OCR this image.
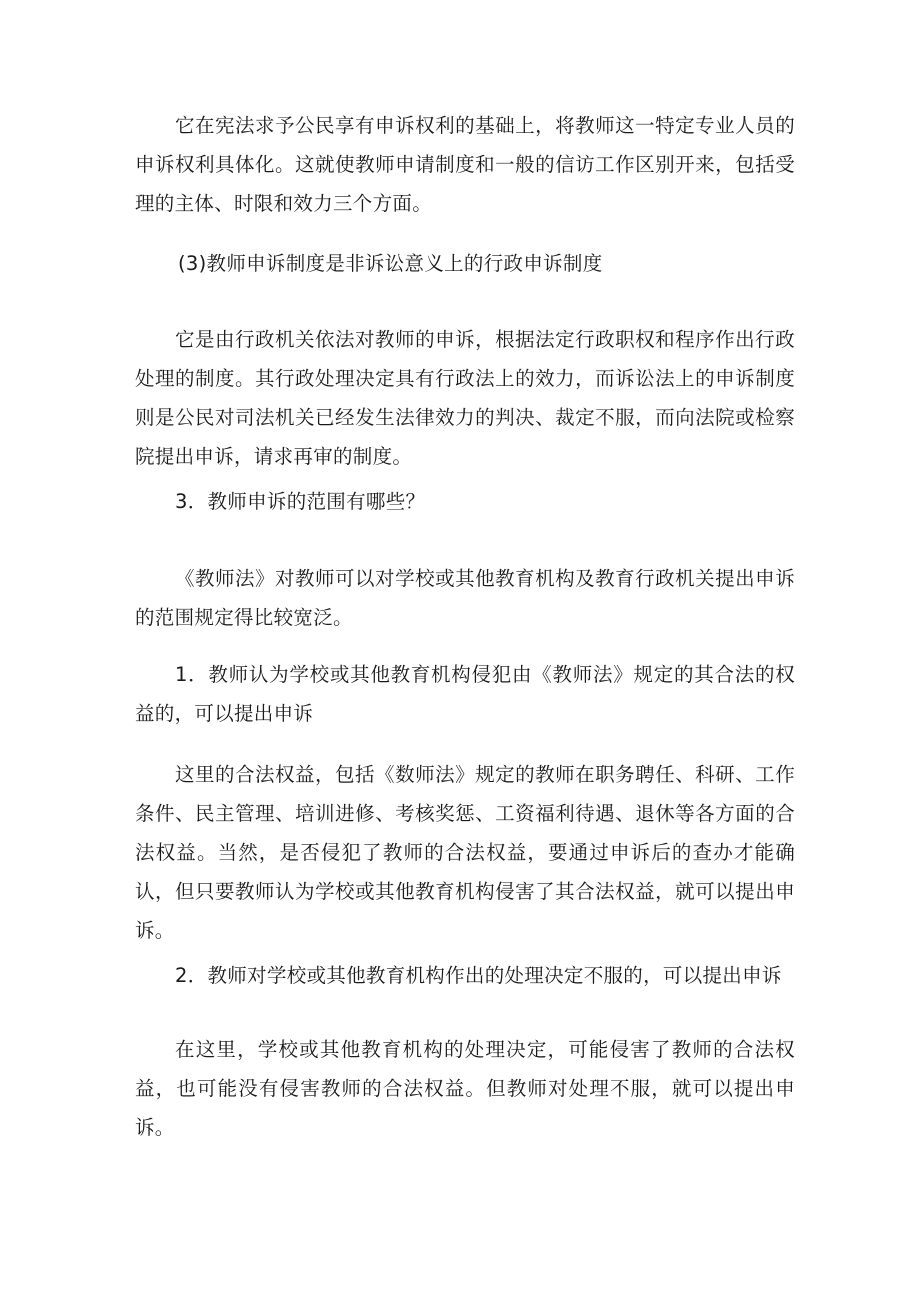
它在宪法求予公民享有申诉权利的基础上，将教师这一特定专业人员的申诉权利具体化。这就使教师申请制度和一般的信访工作区别开来，包括受理的主体、时限和效力三个方面。

(3)教师申诉制度是非诉讼意义上的行政申诉制度

它是由行政机关依法对教师的申诉，根据法定行政职权和程序作出行政处理的制度。其行政处理决定具有行政法上的效力，而诉讼法上的申诉制度则是公民对司法机关已经发生法律效力的判决、裁定不服，而向法院或检察院提出申诉，请求再审的制度。

3．教师申诉的范围有哪些？

《教师法》对教师可以对学校或其他教育机构及教育行政机关提出申诉的范围规定得比较宽泛。

1．教师认为学校或其他教育机构侵犯由《教师法》规定的其合法的权益的，可以提出申诉

这里的合法权益，包括《数师法》规定的教师在职务聘任、科研、工作条件、民主管理、培训进修、考核奖惩、工资福利待遇、退休等各方面的合法权益。当然，是否侵犯了教师的合法权益，要通过申诉后的查办才能确认，但只要教师认为学校或其他教育机构侵害了其合法权益，就可以提出申诉。

2．教师对学校或其他教育机构作出的处理决定不服的，可以提出申诉

在这里，学校或其他教育机构的处理决定，可能侵害了教师的合法权益，也可能没有侵害教师的合法权益。但教师对处理不服，就可以提出申诉。
